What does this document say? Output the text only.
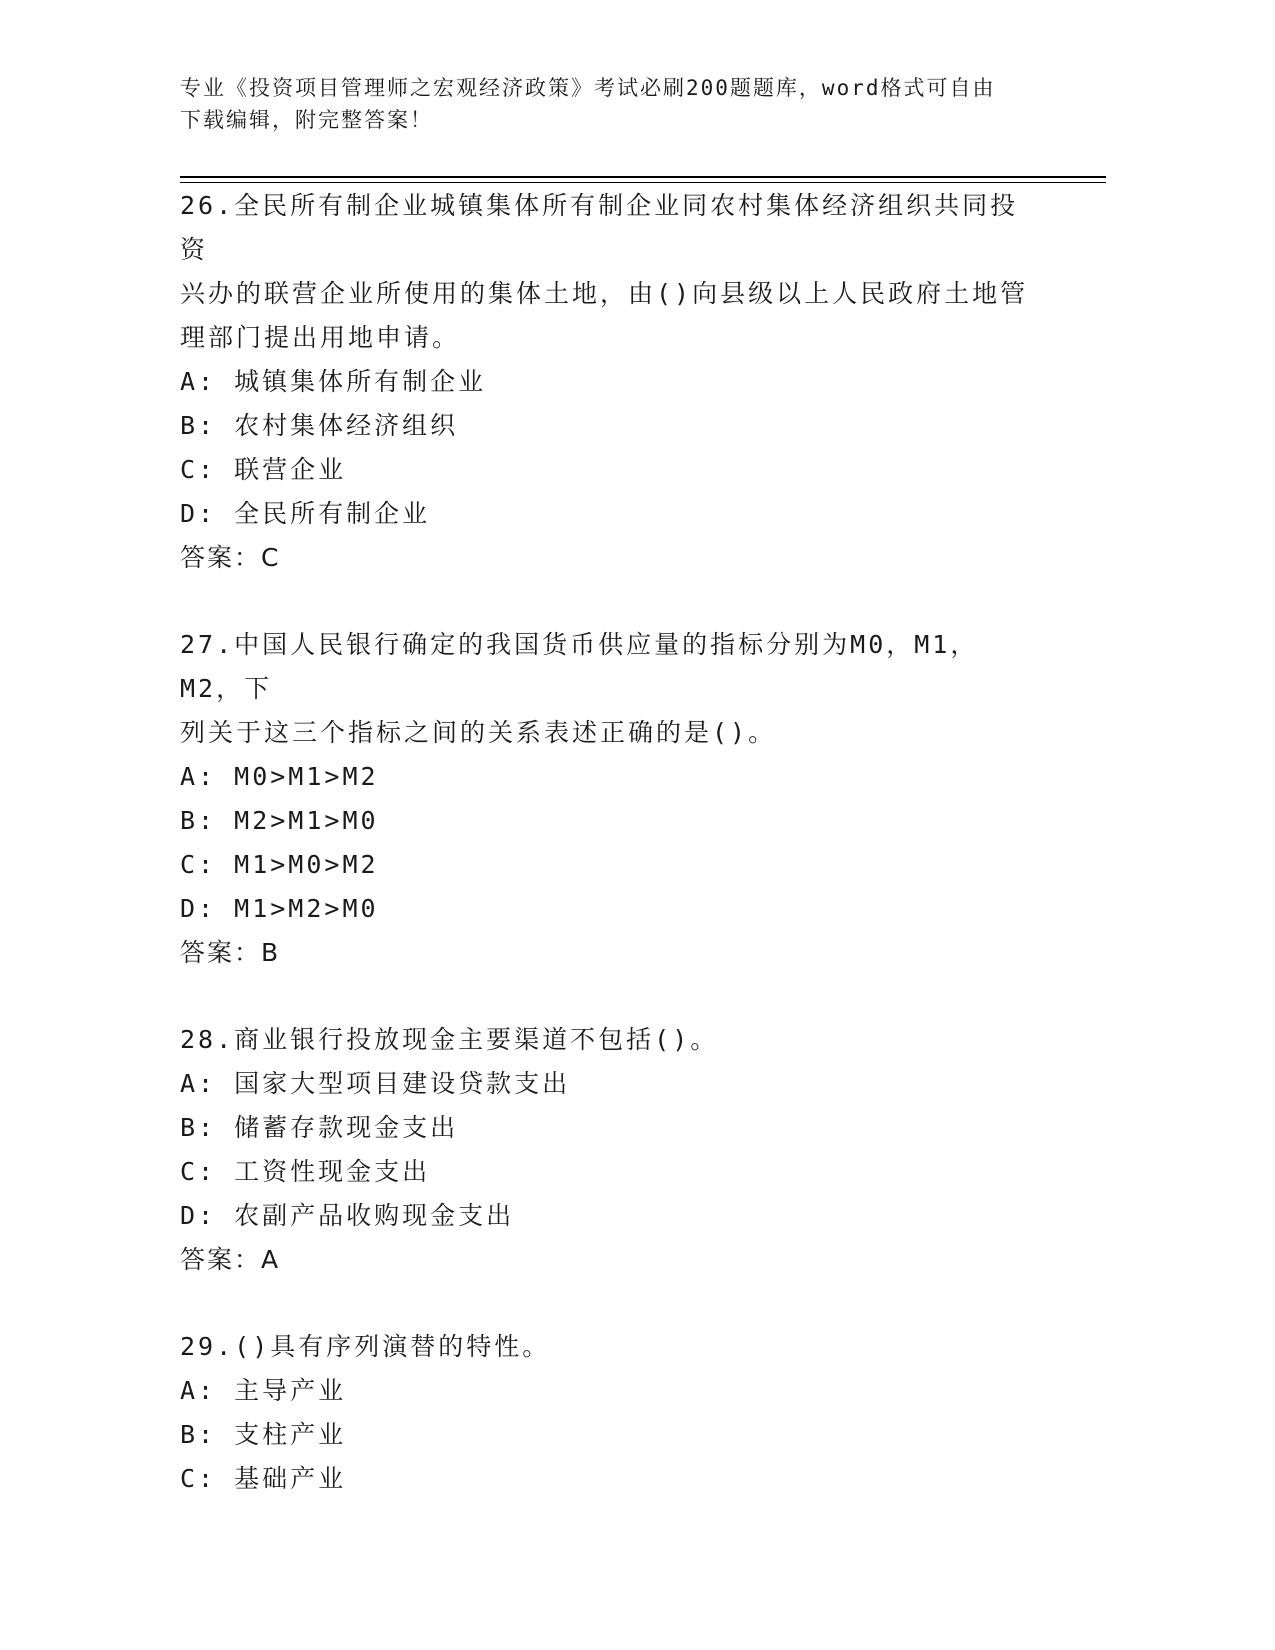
专业《投资项目管理师之宏观经济政策》考试必刷200题题库，word格式可自由
下载编辑，附完整答案！

26.全民所有制企业城镇集体所有制企业同农村集体经济组织共同投资

兴办的联营企业所使用的集体土地，由()向县级以上人民政府土地管

理部门提出用地申请。

A: 城镇集体所有制企业

B: 农村集体经济组织

C: 联营企业

D: 全民所有制企业

答案：C

27.中国人民银行确定的我国货币供应量的指标分别为M0，M1，M2，下

列关于这三个指标之间的关系表述正确的是()。

A: M0>M1>M2

B: M2>M1>M0

C: M1>M0>M2

D: M1>M2>M0

答案：B

28.商业银行投放现金主要渠道不包括()。

A: 国家大型项目建设贷款支出

B: 储蓄存款现金支出

C: 工资性现金支出

D: 农副产品收购现金支出

答案：A

29.()具有序列演替的特性。

A: 主导产业

B: 支柱产业

C: 基础产业
